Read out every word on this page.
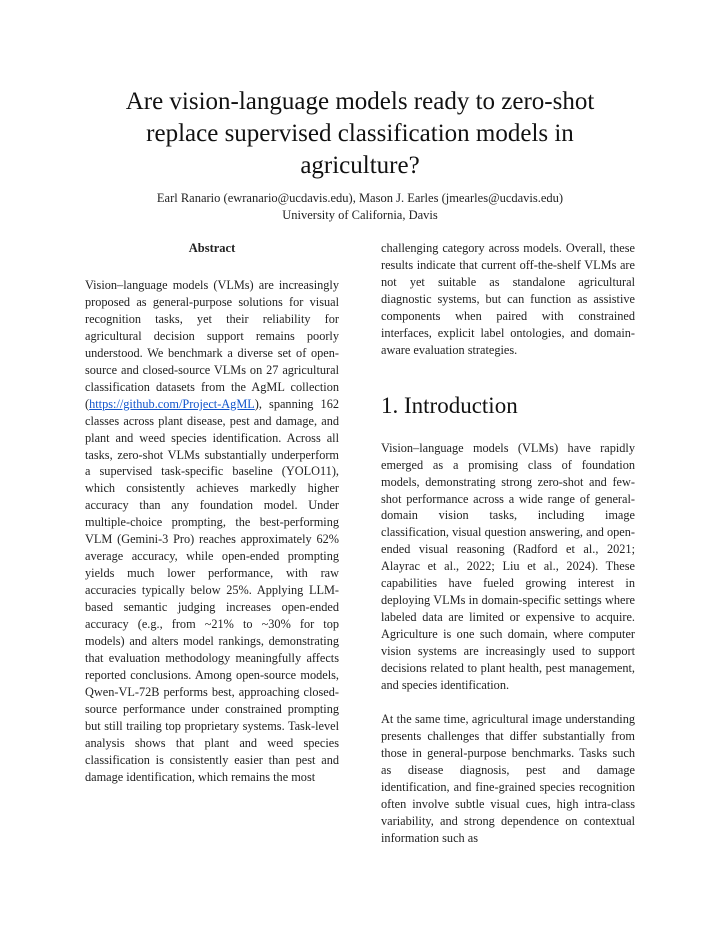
Are vision-language models ready to zero-shot
replace supervised classification models in
agriculture?
Earl Ranario (ewranario@ucdavis.edu), Mason J. Earles (jmearles@ucdavis.edu)
University of California, Davis
Abstract

Vision–language models (VLMs) are increasingly proposed as general-purpose solutions for visual recognition tasks, yet their reliability for agricultural decision support remains poorly understood. We benchmark a diverse set of open-source and closed-source VLMs on 27 agricultural classification datasets from the AgML collection (https://github.com/Project-AgML), spanning 162 classes across plant disease, pest and damage, and plant and weed species identification. Across all tasks, zero-shot VLMs substantially underperform a supervised task-specific baseline (YOLO11), which consistently achieves markedly higher accuracy than any foundation model. Under multiple-choice prompting, the best-performing VLM (Gemini-3 Pro) reaches approximately 62% average accuracy, while open-ended prompting yields much lower performance, with raw accuracies typically below 25%. Applying LLM-based semantic judging increases open-ended accuracy (e.g., from ~21% to ~30% for top models) and alters model rankings, demonstrating that evaluation methodology meaningfully affects reported conclusions. Among open-source models, Qwen-VL-72B performs best, approaching closed-source performance under constrained prompting but still trailing top proprietary systems. Task-level analysis shows that plant and weed species classification is consistently easier than pest and damage identification, which remains the most

challenging category across models. Overall, these results indicate that current off-the-shelf VLMs are not yet suitable as standalone agricultural diagnostic systems, but can function as assistive components when paired with constrained interfaces, explicit label ontologies, and domain-aware evaluation strategies.

1. Introduction

Vision–language models (VLMs) have rapidly emerged as a promising class of foundation models, demonstrating strong zero-shot and few-shot performance across a wide range of general-domain vision tasks, including image classification, visual question answering, and open-ended visual reasoning (Radford et al., 2021; Alayrac et al., 2022; Liu et al., 2024). These capabilities have fueled growing interest in deploying VLMs in domain-specific settings where labeled data are limited or expensive to acquire. Agriculture is one such domain, where computer vision systems are increasingly used to support decisions related to plant health, pest management, and species identification.

At the same time, agricultural image understanding presents challenges that differ substantially from those in general-purpose benchmarks. Tasks such as disease diagnosis, pest and damage identification, and fine-grained species recognition often involve subtle visual cues, high intra-class variability, and strong dependence on contextual information such as
